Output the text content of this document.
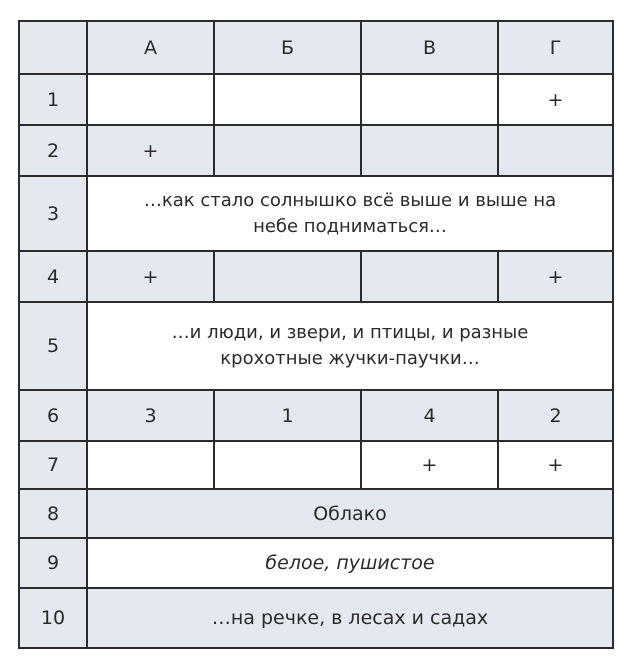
	А	Б	В	Г
1				+
2	+			
3	…как стало солнышко всё выше и выше на небе подниматься…			
4	+			+
5	…и люди, и звери, и птицы, и разные крохотные жучки-паучки…			
6	3	1	4	2
7			+	+
8	Облако			
9	белое, пушистое			
10	…на речке, в лесах и садах			
